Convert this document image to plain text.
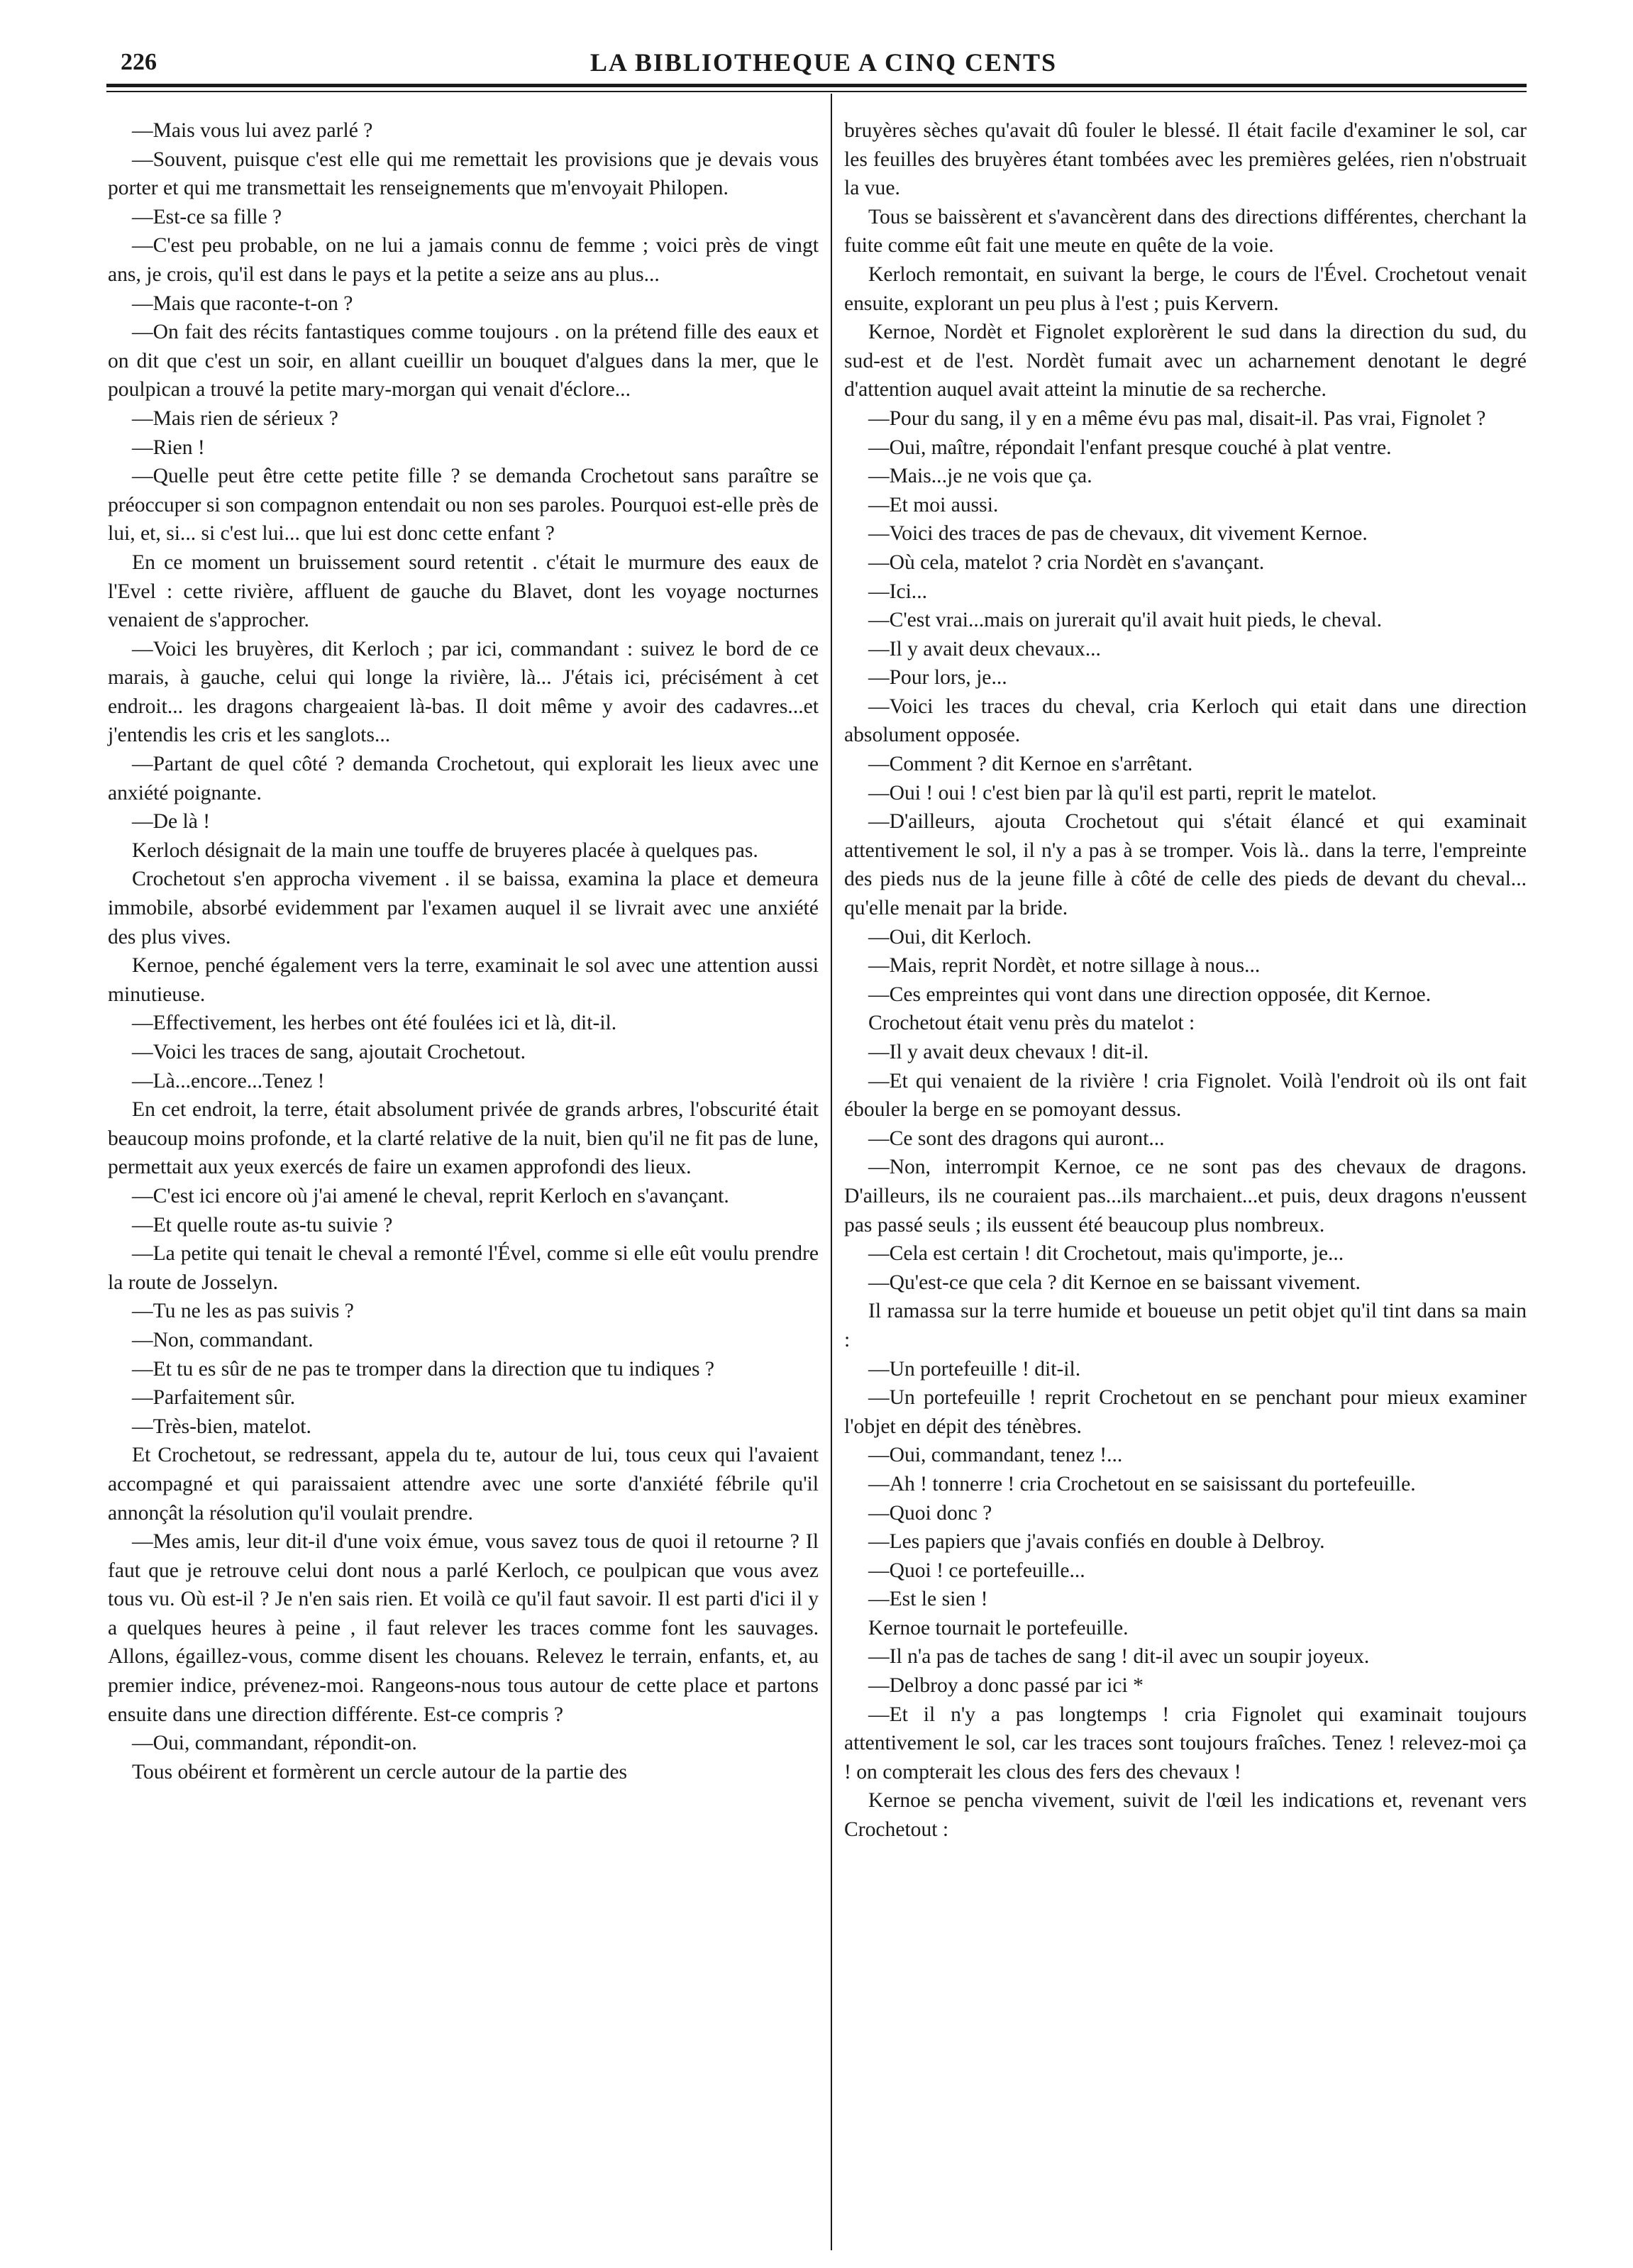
226	LA BIBLIOTHEQUE A CINQ CENTS

—Mais vous lui avez parlé ?

—Souvent, puisque c'est elle qui me remettait les provisions que je devais vous porter et qui me transmettait les renseignements que m'envoyait Philopen.

—Est-ce sa fille ?

—C'est peu probable, on ne lui a jamais connu de femme ; voici près de vingt ans, je crois, qu'il est dans le pays et la petite a seize ans au plus...

—Mais que raconte-t-on ?

—On fait des récits fantastiques comme toujours . on la prétend fille des eaux et on dit que c'est un soir, en allant cueillir un bouquet d'algues dans la mer, que le poulpican a trouvé la petite mary-morgan qui venait d'éclore...

—Mais rien de sérieux ?

—Rien !

—Quelle peut être cette petite fille ? se demanda Crochetout sans paraître se préoccuper si son compagnon entendait ou non ses paroles. Pourquoi est-elle près de lui, et, si... si c'est lui... que lui est donc cette enfant ?

En ce moment un bruissement sourd retentit . c'était le murmure des eaux de l'Evel : cette rivière, affluent de gauche du Blavet, dont les voyage nocturnes venaient de s'approcher.

—Voici les bruyères, dit Kerloch ; par ici, commandant : suivez le bord de ce marais, à gauche, celui qui longe la rivière, là... J'étais ici, précisément à cet endroit... les dragons chargeaient là-bas. Il doit même y avoir des cadavres...et j'entendis les cris et les sanglots...

—Partant de quel côté ? demanda Crochetout, qui explorait les lieux avec une anxiété poignante.

—De là !

Kerloch désignait de la main une touffe de bruyeres placée à quelques pas.

Crochetout s'en approcha vivement . il se baissa, examina la place et demeura immobile, absorbé evidemment par l'examen auquel il se livrait avec une anxiété des plus vives.

Kernoe, penché également vers la terre, examinait le sol avec une attention aussi minutieuse.

—Effectivement, les herbes ont été foulées ici et là, dit-il.

—Voici les traces de sang, ajoutait Crochetout.

—Là...encore...Tenez !

En cet endroit, la terre, était absolument privée de grands arbres, l'obscurité était beaucoup moins profonde, et la clarté relative de la nuit, bien qu'il ne fit pas de lune, permettait aux yeux exercés de faire un examen approfondi des lieux.

—C'est ici encore où j'ai amené le cheval, reprit Kerloch en s'avançant.

—Et quelle route as-tu suivie ?

—La petite qui tenait le cheval a remonté l'Ével, comme si elle eût voulu prendre la route de Josselyn.

—Tu ne les as pas suivis ?

—Non, commandant.

—Et tu es sûr de ne pas te tromper dans la direction que tu indiques ?

—Parfaitement sûr.

—Très-bien, matelot.

Et Crochetout, se redressant, appela du te, autour de lui, tous ceux qui l'avaient accompagné et qui paraissaient attendre avec une sorte d'anxiété fébrile qu'il annonçât la résolution qu'il voulait prendre.

—Mes amis, leur dit-il d'une voix émue, vous savez tous de quoi il retourne ? Il faut que je retrouve celui dont nous a parlé Kerloch, ce poulpican que vous avez tous vu. Où est-il ? Je n'en sais rien. Et voilà ce qu'il faut savoir. Il est parti d'ici il y a quelques heures à peine , il faut relever les traces comme font les sauvages. Allons, égaillez-vous, comme disent les chouans. Relevez le terrain, enfants, et, au premier indice, prévenez-moi. Rangeons-nous tous autour de cette place et partons ensuite dans une direction différente. Est-ce compris ?

—Oui, commandant, répondit-on.

Tous obéirent et formèrent un cercle autour de la partie des

bruyères sèches qu'avait dû fouler le blessé. Il était facile d'examiner le sol, car les feuilles des bruyères étant tombées avec les premières gelées, rien n'obstruait la vue.

Tous se baissèrent et s'avancèrent dans des directions différentes, cherchant la fuite comme eût fait une meute en quête de la voie.

Kerloch remontait, en suivant la berge, le cours de l'Ével. Crochetout venait ensuite, explorant un peu plus à l'est ; puis Kervern.

Kernoe, Nordèt et Fignolet explorèrent le sud dans la direction du sud, du sud-est et de l'est. Nordèt fumait avec un acharnement denotant le degré d'attention auquel avait atteint la minutie de sa recherche.

—Pour du sang, il y en a même évu pas mal, disait-il. Pas vrai, Fignolet ?

—Oui, maître, répondait l'enfant presque couché à plat ventre.

—Mais...je ne vois que ça.

—Et moi aussi.

—Voici des traces de pas de chevaux, dit vivement Kernoe.

—Où cela, matelot ? cria Nordèt en s'avançant.

—Ici...

—C'est vrai...mais on jurerait qu'il avait huit pieds, le cheval.

—Il y avait deux chevaux...

—Pour lors, je...

—Voici les traces du cheval, cria Kerloch qui etait dans une direction absolument opposée.

—Comment ? dit Kernoe en s'arrêtant.

—Oui ! oui ! c'est bien par là qu'il est parti, reprit le matelot.

—D'ailleurs, ajouta Crochetout qui s'était élancé et qui examinait attentivement le sol, il n'y a pas à se tromper. Vois là.. dans la terre, l'empreinte des pieds nus de la jeune fille à côté de celle des pieds de devant du cheval... qu'elle menait par la bride.

—Oui, dit Kerloch.

—Mais, reprit Nordèt, et notre sillage à nous...

—Ces empreintes qui vont dans une direction opposée, dit Kernoe.

Crochetout était venu près du matelot :

—Il y avait deux chevaux ! dit-il.

—Et qui venaient de la rivière ! cria Fignolet. Voilà l'endroit où ils ont fait ébouler la berge en se pomoyant dessus.

—Ce sont des dragons qui auront...

—Non, interrompit Kernoe, ce ne sont pas des chevaux de dragons. D'ailleurs, ils ne couraient pas...ils marchaient...et puis, deux dragons n'eussent pas passé seuls ; ils eussent été beaucoup plus nombreux.

—Cela est certain ! dit Crochetout, mais qu'importe, je...

—Qu'est-ce que cela ? dit Kernoe en se baissant vivement.

Il ramassa sur la terre humide et boueuse un petit objet qu'il tint dans sa main :

—Un portefeuille ! dit-il.

—Un portefeuille ! reprit Crochetout en se penchant pour mieux examiner l'objet en dépit des ténèbres.

—Oui, commandant, tenez !...

—Ah ! tonnerre ! cria Crochetout en se saisissant du portefeuille.

—Quoi donc ?

—Les papiers que j'avais confiés en double à Delbroy.

—Quoi ! ce portefeuille...

—Est le sien !

Kernoe tournait le portefeuille.

—Il n'a pas de taches de sang ! dit-il avec un soupir joyeux.

—Delbroy a donc passé par ici *

—Et il n'y a pas longtemps ! cria Fignolet qui examinait toujours attentivement le sol, car les traces sont toujours fraîches. Tenez ! relevez-moi ça ! on compterait les clous des fers des chevaux !

Kernoe se pencha vivement, suivit de l'œil les indications et, revenant vers Crochetout :
